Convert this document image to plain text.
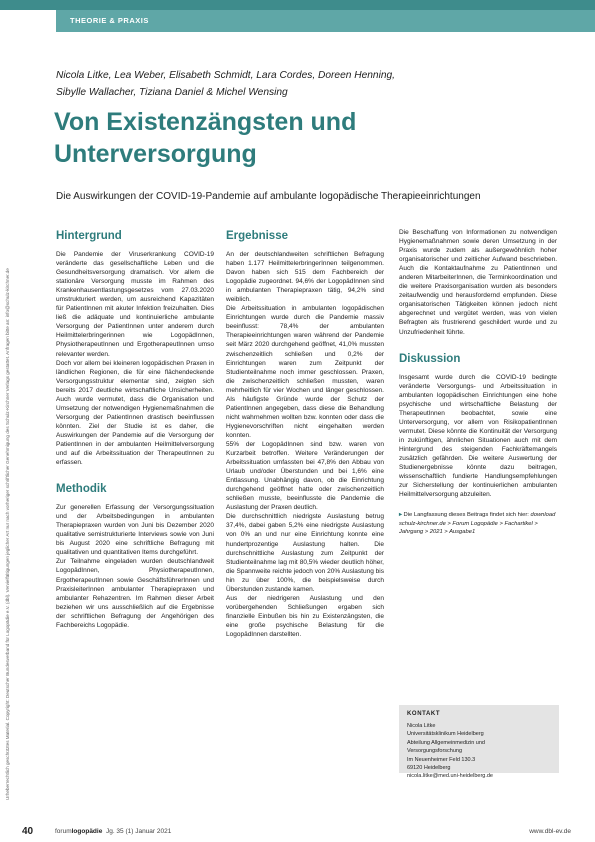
THEORIE & PRAXIS
Urheberrechtlich geschütztes Material. Copyright: Deutscher Bundesverband für Logopädie e.V. (dbl). Vervielfältigungen jeglicher Art nur nach vorheriger schriftlicher Genehmigung des Schulz-Kirchner Verlags gestattet. Anfragen bitte an: info@schulz-kirchner.de
Nicola Litke, Lea Weber, Elisabeth Schmidt, Lara Cordes, Doreen Henning,
Sibylle Wallacher, Tiziana Daniel & Michel Wensing
Von Existenzängsten und
Unterversorgung
Die Auswirkungen der COVID-19-Pandemie auf ambulante logopädische Therapieeinrichtungen
Hintergrund

Die Pandemie der Viruserkrankung COVID-19 veränderte das gesellschaftliche Leben und die Gesundheitsversorgung dramatisch. Vor allem die stationäre Versorgung musste im Rahmen des Krankenhausentlastungsgesetzes vom 27.03.2020 umstrukturiert werden, um ausreichend Kapazitäten für PatientInnen mit akuter Infektion freizuhalten. Dies ließ die adäquate und kontinuierliche ambulante Versorgung der PatientInnen unter anderem durch Heilmittelerbringerinnen wie LogopädInnen, PhysiotherapeutInnen und ErgotherapeutInnen umso relevanter werden.

Doch vor allem bei kleineren logopädischen Praxen in ländlichen Regionen, die für eine flächendeckende Versorgungsstruktur elementar sind, zeigten sich bereits 2017 deutliche wirtschaftliche Unsicherheiten. Auch wurde vermutet, dass die Organisation und Umsetzung der notwendigen Hygienemaßnahmen die Versorgung der PatientInnen drastisch beeinflussen könnten. Ziel der Studie ist es daher, die Auswirkungen der Pandemie auf die Versorgung der PatientInnen in der ambulanten Heilmittelversorgung und auf die Arbeitssituation der TherapeutInnen zu erfassen.

Methodik

Zur generellen Erfassung der Versorgungssituation und der Arbeitsbedingungen in ambulanten Therapiepraxen wurden von Juni bis Dezember 2020 qualitative semistrukturierte Interviews sowie von Juni bis August 2020 eine schriftliche Befragung mit qualitativen und quantitativen Items durchgeführt.

Zur Teilnahme eingeladen wurden deutschlandweit LogopädInnen, PhysiotherapeutInnen, ErgotherapeutInnen sowie GeschäftsführerInnen und PraxisleiterInnen ambulanter Therapiepraxen und ambulanter Rehazentren. Im Rahmen dieser Arbeit beziehen wir uns ausschließlich auf die Ergebnisse der schriftlichen Befragung der Angehörigen des Fachbereichs Logopädie.

Ergebnisse

An der deutschlandweiten schriftlichen Befragung haben 1.177 HeilmittelerbringerInnen teilgenommen. Davon haben sich 515 dem Fachbereich der Logopädie zugeordnet. 94,6% der LogopädInnen sind in ambulanten Therapiepraxen tätig, 94,2% sind weiblich.

Die Arbeitssituation in ambulanten logopädischen Einrichtungen wurde durch die Pandemie massiv beeinflusst: 78,4% der ambulanten Therapieeinrichtungen waren während der Pandemie seit März 2020 durchgehend geöffnet, 41,0% mussten zwischenzeitlich schließen und 0,2% der Einrichtungen waren zum Zeitpunkt der Studienteilnahme noch immer geschlossen. Praxen, die zwischenzeitlich schließen mussten, waren mehrheitlich für vier Wochen und länger geschlossen. Als häufigste Gründe wurde der Schutz der PatientInnen angegeben, dass diese die Behandlung nicht wahrnehmen wollten bzw. konnten oder dass die Hygienevorschriften nicht eingehalten werden konnten.

55% der LogopädInnen sind bzw. waren von Kurzarbeit betroffen. Weitere Veränderungen der Arbeitssituation umfassten bei 47,8% den Abbau von Urlaub und/oder Überstunden und bei 1,6% eine Entlassung. Unabhängig davon, ob die Einrichtung durchgehend geöffnet hatte oder zwischenzeitlich schließen musste, beeinflusste die Pandemie die Auslastung der Praxen deutlich.

Die durchschnittlich niedrigste Auslastung betrug 37,4%, dabei gaben 5,2% eine niedrigste Auslastung von 0% an und nur eine Einrichtung konnte eine hundertprozentige Auslastung halten. Die durchschnittliche Auslastung zum Zeitpunkt der Studienteilnahme lag mit 80,5% wieder deutlich höher, die Spannweite reichte jedoch von 20% Auslastung bis hin zu über 100%, die beispielsweise durch Überstunden zustande kamen.

Aus der niedrigeren Auslastung und den vorübergehenden Schließungen ergaben sich finanzielle Einbußen bis hin zu Existenzängsten, die eine große psychische Belastung für die LogopädInnen darstellten.

Die Beschaffung von Informationen zu notwendigen Hygienemaßnahmen sowie deren Umsetzung in der Praxis wurde zudem als außergewöhnlich hoher organisatorischer und zeitlicher Aufwand beschrieben. Auch die Kontaktaufnahme zu PatientInnen und anderen MitarbeiterInnen, die Terminkoordination und die weitere Praxisorganisation wurden als besonders zeitaufwendig und herausfordernd empfunden. Diese organisatorischen Tätigkeiten können jedoch nicht abgerechnet und vergütet werden, was von vielen Befragten als frustrierend geschildert wurde und zu Unzufriedenheit führte.

Diskussion

Insgesamt wurde durch die COVID-19 bedingte veränderte Versorgungs- und Arbeitssituation in ambulanten logopädischen Einrichtungen eine hohe psychische und wirtschaftliche Belastung der TherapeutInnen beobachtet, sowie eine Unterversorgung, vor allem von RisikopatientInnen vermutet. Diese könnte die Kontinuität der Versorgung in zukünftigen, ähnlichen Situationen auch mit dem Hintergrund des steigenden Fachkräftemangels zusätzlich gefährden. Die weitere Auswertung der Studienergebnisse könnte dazu beitragen, wissenschaftlich fundierte Handlungsempfehlungen zur Sicherstellung der kontinuierlichen ambulanten Heilmittelversorgung abzuleiten.

▸ Die Langfassung dieses Beitrags findet sich hier: download schulz-kirchner.de > Forum Logopädie > Fachartikel > Jahrgang > 2021 > Ausgabe1
KONTAKT
Nicola Litke
Universitätsklinikum Heidelberg
Abteilung Allgemeinmedizin und
Versorgungsforschung
Im Neuenheimer Feld 130.3
69120 Heidelberg
nicola.litke@med.uni-heidelberg.de
40	forumlogopädie Jg. 35 (1) Januar 2021	www.dbl-ev.de
